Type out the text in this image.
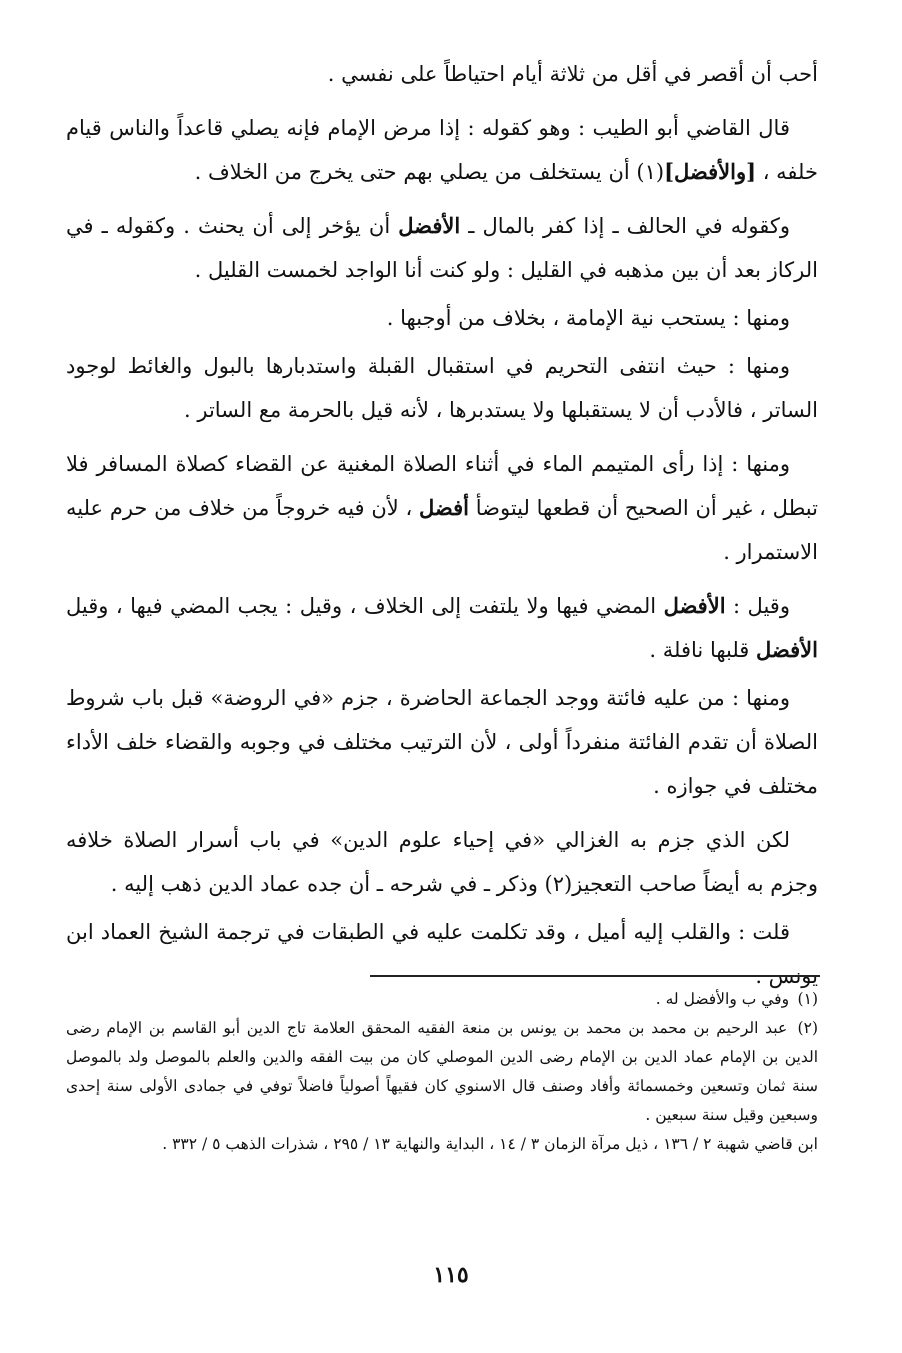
أحب أن أقصر في أقل من ثلاثة أيام احتياطاً على نفسي .

قال القاضي أبو الطيب : وهو كقوله : إذا مرض الإمام فإنه يصلي قاعداً والناس قيام خلفه ، [والأفضل](١) أن يستخلف من يصلي بهم حتى يخرج من الخلاف .

وكقوله في الحالف ـ إذا كفر بالمال ـ الأفضل أن يؤخر إلى أن يحنث . وكقوله ـ في الركاز بعد أن بين مذهبه في القليل : ولو كنت أنا الواجد لخمست القليل .

ومنها : يستحب نية الإمامة ، بخلاف من أوجبها .

ومنها : حيث انتفى التحريم في استقبال القبلة واستدبارها بالبول والغائط لوجود الساتر ، فالأدب أن لا يستقبلها ولا يستدبرها ، لأنه قيل بالحرمة مع الساتر .

ومنها : إذا رأى المتيمم الماء في أثناء الصلاة المغنية عن القضاء كصلاة المسافر فلا تبطل ، غير أن الصحيح أن قطعها ليتوضأ أفضل ، لأن فيه خروجاً من خلاف من حرم عليه الاستمرار .

وقيل : الأفضل المضي فيها ولا يلتفت إلى الخلاف ، وقيل : يجب المضي فيها ، وقيل الأفضل قلبها نافلة .

ومنها : من عليه فائتة ووجد الجماعة الحاضرة ، جزم «في الروضة» قبل باب شروط الصلاة أن تقدم الفائتة منفرداً أولى ، لأن الترتيب مختلف في وجوبه والقضاء خلف الأداء مختلف في جوازه .

لكن الذي جزم به الغزالي «في إحياء علوم الدين» في باب أسرار الصلاة خلافه وجزم به أيضاً صاحب التعجيز(٢) وذكر ـ في شرحه ـ أن جده عماد الدين ذهب إليه .

قلت : والقلب إليه أميل ، وقد تكلمت عليه في الطبقات في ترجمة الشيخ العماد ابن يونس .

(١) وفي ب والأفضل له .

(٢) عبد الرحيم بن محمد بن محمد بن يونس بن منعة الفقيه المحقق العلامة تاج الدين أبو القاسم بن الإمام رضى الدين بن الإمام عماد الدين بن الإمام رضى الدين الموصلي كان من بيت الفقه والدين والعلم بالموصل ولد بالموصل سنة ثمان وتسعين وخمسمائة وأفاد وصنف قال الاسنوي كان فقيهاً أصولياً فاضلاً توفي في جمادى الأولى سنة إحدى وسبعين وقيل سنة سبعين .

ابن قاضي شهبة ٢ / ١٣٦ ، ذيل مرآة الزمان ٣ / ١٤ ، البداية والنهاية ١٣ / ٢٩٥ ، شذرات الذهب ٥ / ٣٣٢ .

١١٥
